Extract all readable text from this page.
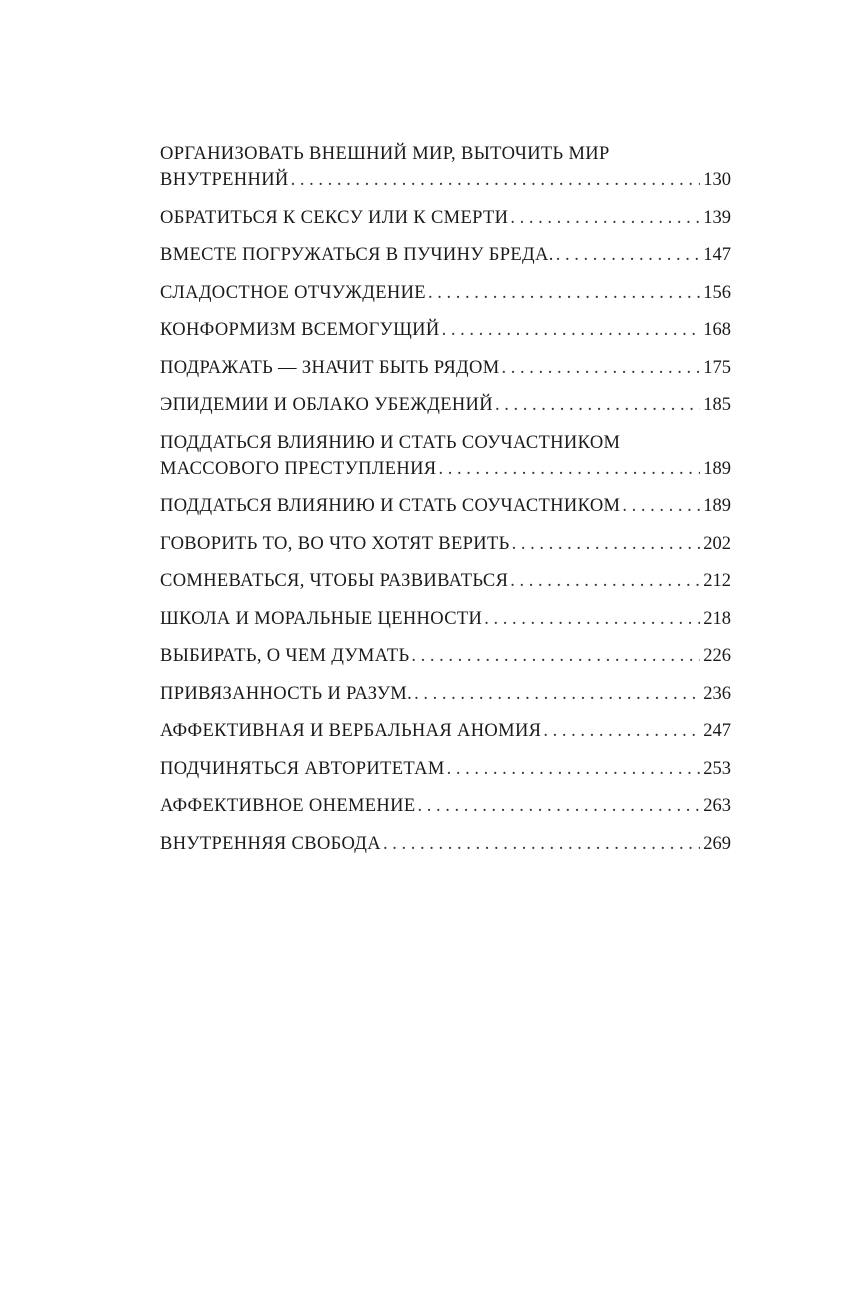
ОРГАНИЗОВАТЬ ВНЕШНИЙ МИР, ВЫТОЧИТЬ МИР
ВНУТРЕННИЙ . . .	130
ОБРАТИТЬСЯ К СЕКСУ ИЛИ К СМЕРТИ . . .	139
ВМЕСТЕ ПОГРУЖАТЬСЯ В ПУЧИНУ БРЕДА. . . .	147
СЛАДОСТНОЕ ОТЧУЖДЕНИЕ . . .	156
КОНФОРМИЗМ ВСЕМОГУЩИЙ . . .	168
ПОДРАЖАТЬ — ЗНАЧИТ БЫТЬ РЯДОМ . . .	175
ЭПИДЕМИИ И ОБЛАКО УБЕЖДЕНИЙ . . .	185
ПОДДАТЬСЯ ВЛИЯНИЮ И СТАТЬ СОУЧАСТНИКОМ
МАССОВОГО ПРЕСТУПЛЕНИЯ . . .	189
ПОДДАТЬСЯ ВЛИЯНИЮ И СТАТЬ СОУЧАСТНИКОМ . . .	189
ГОВОРИТЬ ТО, ВО ЧТО ХОТЯТ ВЕРИТЬ . . .	202
СОМНЕВАТЬСЯ, ЧТОБЫ РАЗВИВАТЬСЯ . . .	212
ШКОЛА И МОРАЛЬНЫЕ ЦЕННОСТИ . . .	218
ВЫБИРАТЬ, О ЧЕМ ДУМАТЬ . . .	226
ПРИВЯЗАННОСТЬ И РАЗУМ. . . .	236
АФФЕКТИВНАЯ И ВЕРБАЛЬНАЯ АНОМИЯ . . .	247
ПОДЧИНЯТЬСЯ АВТОРИТЕТАМ . . .	253
АФФЕКТИВНОЕ ОНЕМЕНИЕ . . .	263
ВНУТРЕННЯЯ СВОБОДА . . .	269
